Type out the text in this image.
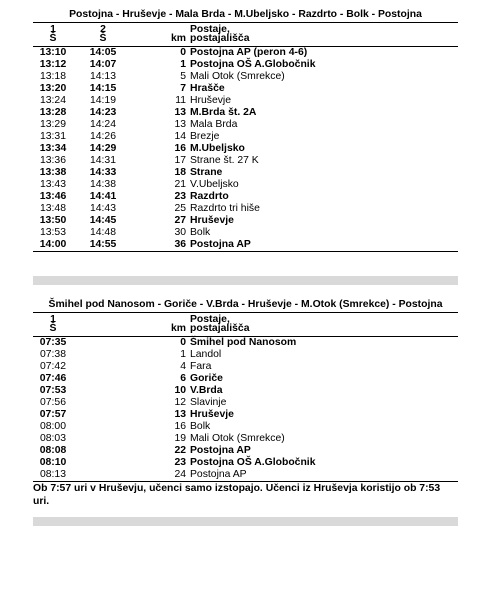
Postojna - Hruševje - Mala Brda - M.Ubeljsko - Razdrto - Bolk - Postojna
1
Š
2
Š	km
Postaje,
postajališča
13:10	14:05	0 Postojna AP (peron 4-6)
13:12	14:07	1 Postojna OŠ A.Globočnik
13:18	14:13	5 Mali Otok (Smrekce)
13:20	14:15	7 Hrašče
13:24	14:19	11 Hruševje
13:28	14:23	13 M.Brda št. 2A
13:29	14:24	13 Mala Brda
13:31	14:26	14 Brezje
13:34	14:29	16 M.Ubeljsko
13:36	14:31	17 Strane št. 27 K
13:38	14:33	18 Strane
13:43	14:38	21 V.Ubeljsko
13:46	14:41	23 Razdrto
13:48	14:43	25 Razdrto tri hiše
13:50	14:45	27 Hruševje
13:53	14:48	30 Bolk
14:00	14:55	36 Postojna AP
Šmihel pod Nanosom - Goriče - V.Brda - Hruševje - M.Otok (Smrekce) - Postojna
1
Š	km
Postaje,
postajališča
07:35	0 Šmihel pod Nanosom
07:38	1 Landol
07:42	4 Fara
07:46	6 Goriče
07:53	10 V.Brda
07:56	12 Slavinje
07:57	13 Hruševje
08:00	16 Bolk
08:03	19 Mali Otok (Smrekce)
08:08	22 Postojna AP
08:10	23 Postojna OŠ A.Globočnik
08:13	24 Postojna AP
Ob 7:57 uri v Hruševju, učenci samo izstopajo. Učenci iz Hruševja koristijo ob 7:53 uri.
